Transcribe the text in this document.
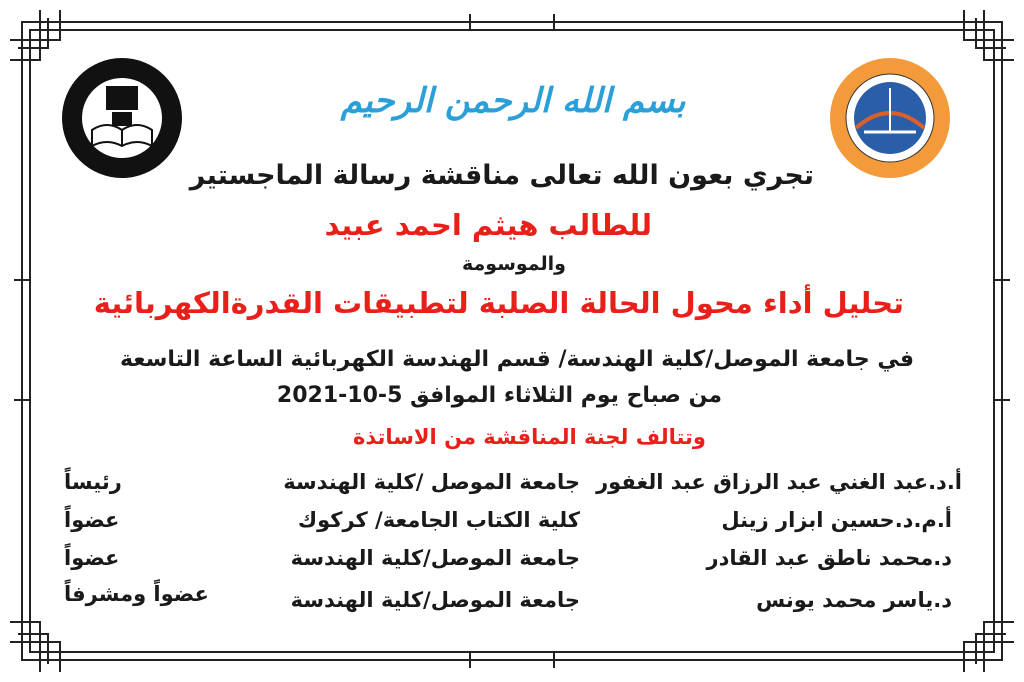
بسم الله الرحمن الرحيم
تجري بعون الله تعالى مناقشة رسالة الماجستير
للطالب هيثم احمد عبيد
والموسومة
تحليل أداء محول الحالة الصلبة لتطبيقات القدرةالكهربائية
في جامعة الموصل/كلية الهندسة/ قسم الهندسة الكهربائية الساعة التاسعة
من صباح يوم الثلاثاء الموافق 5-10-2021
وتتالف لجنة المناقشة من الاساتذة
أ.د.عبد الغني عبد الرزاق عبد الغفور
جامعة الموصل /كلية الهندسة
رئيساً
أ.م.د.حسين ابزار زينل
كلية الكتاب الجامعة/ كركوك
عضواً
د.محمد ناطق عبد القادر
جامعة الموصل/كلية الهندسة
عضواً
د.ياسر محمد يونس
جامعة الموصل/كلية الهندسة
عضواً ومشرفاً
